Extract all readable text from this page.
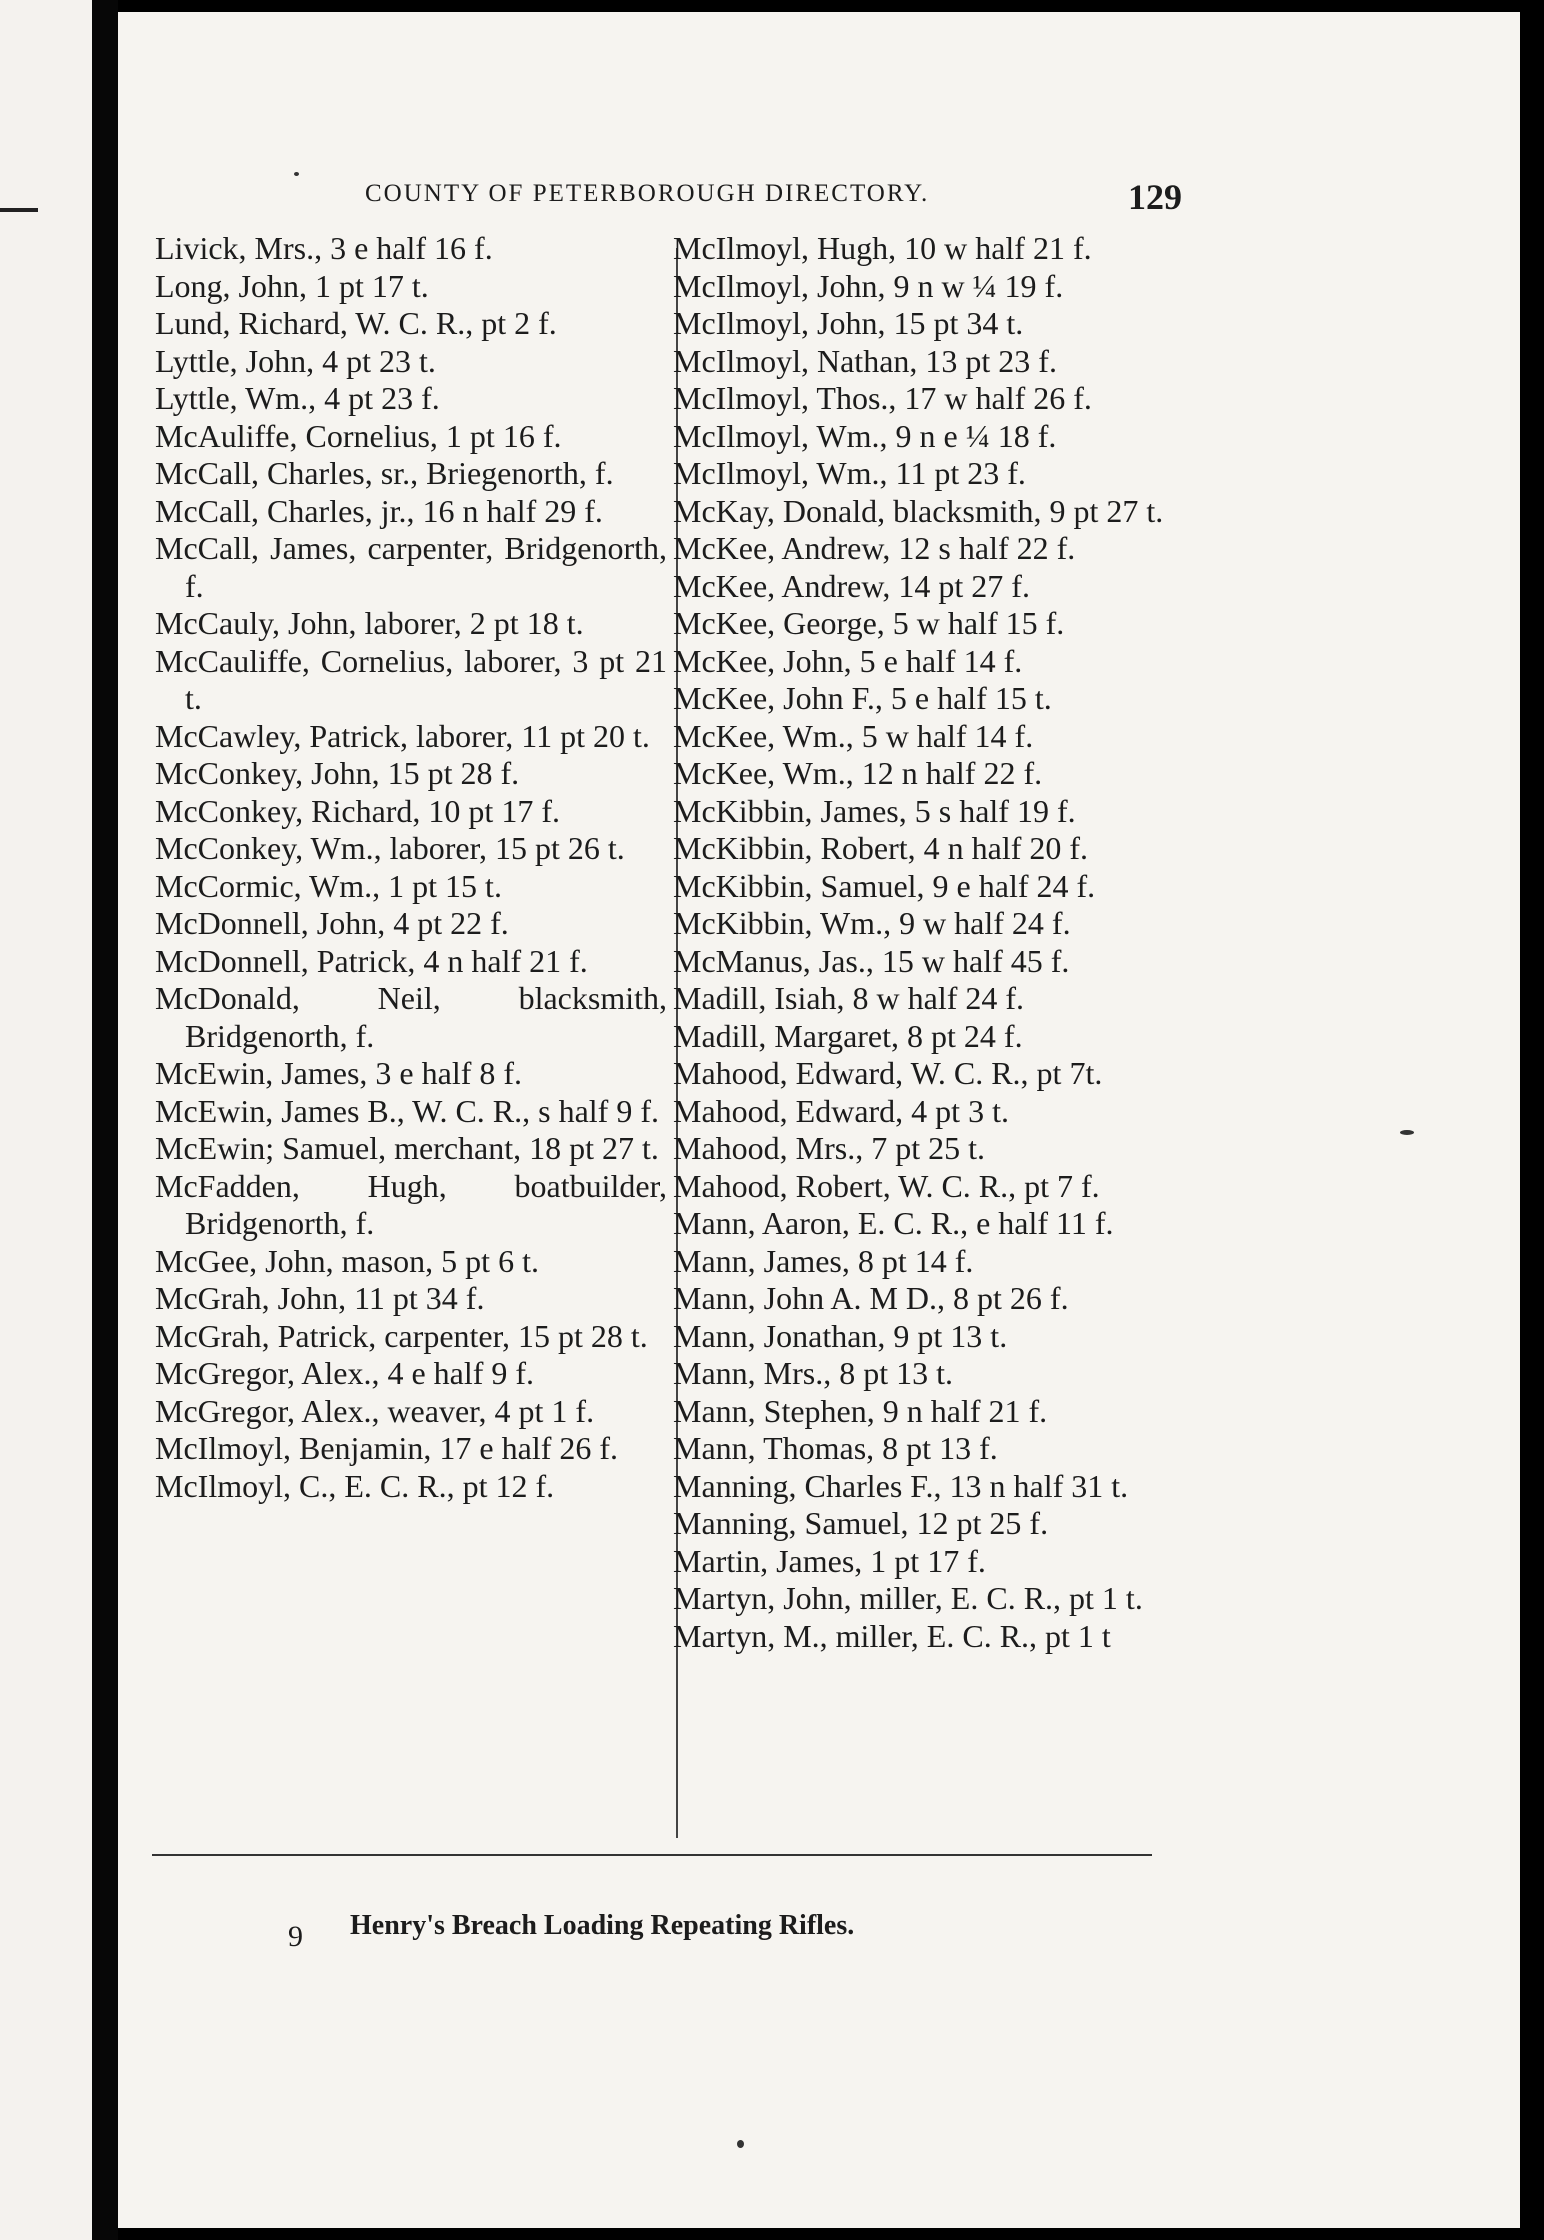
COUNTY OF PETERBOROUGH DIRECTORY.	129
Livick, Mrs., 3 e half 16 f.
Long, John, 1 pt 17 t.
Lund, Richard, W. C. R., pt 2 f.
Lyttle, John, 4 pt 23 t.
Lyttle, Wm., 4 pt 23 f.
McAuliffe, Cornelius, 1 pt 16 f.
McCall, Charles, sr., Briegenorth, f.
McCall, Charles, jr., 16 n half 29 f.
McCall, James, carpenter, Bridgenorth, f.
McCauly, John, laborer, 2 pt 18 t.
McCauliffe, Cornelius, laborer, 3 pt 21 t.
McCawley, Patrick, laborer, 11 pt 20 t.
McConkey, John, 15 pt 28 f.
McConkey, Richard, 10 pt 17 f.
McConkey, Wm., laborer, 15 pt 26 t.
McCormic, Wm., 1 pt 15 t.
McDonnell, John, 4 pt 22 f.
McDonnell, Patrick, 4 n half 21 f.
McDonald, Neil, blacksmith, Bridgenorth, f.
McEwin, James, 3 e half 8 f.
McEwin, James B., W. C. R., s half 9 f.
McEwin; Samuel, merchant, 18 pt 27 t.
McFadden, Hugh, boatbuilder, Bridgenorth, f.
McGee, John, mason, 5 pt 6 t.
McGrah, John, 11 pt 34 f.
McGrah, Patrick, carpenter, 15 pt 28 t.
McGregor, Alex., 4 e half 9 f.
McGregor, Alex., weaver, 4 pt 1 f.
McIlmoyl, Benjamin, 17 e half 26 f.
McIlmoyl, C., E. C. R., pt 12 f.
McIlmoyl, Hugh, 10 w half 21 f.
McIlmoyl, John, 9 n w ¼ 19 f.
McIlmoyl, John, 15 pt 34 t.
McIlmoyl, Nathan, 13 pt 23 f.
McIlmoyl, Thos., 17 w half 26 f.
McIlmoyl, Wm., 9 n e ¼ 18 f.
McIlmoyl, Wm., 11 pt 23 f.
McKay, Donald, blacksmith, 9 pt 27 t.
McKee, Andrew, 12 s half 22 f.
McKee, Andrew, 14 pt 27 f.
McKee, George, 5 w half 15 f.
McKee, John, 5 e half 14 f.
McKee, John F., 5 e half 15 t.
McKee, Wm., 5 w half 14 f.
McKee, Wm., 12 n half 22 f.
McKibbin, James, 5 s half 19 f.
McKibbin, Robert, 4 n half 20 f.
McKibbin, Samuel, 9 e half 24 f.
McKibbin, Wm., 9 w half 24 f.
McManus, Jas., 15 w half 45 f.
Madill, Isiah, 8 w half 24 f.
Madill, Margaret, 8 pt 24 f.
Mahood, Edward, W. C. R., pt 7t.
Mahood, Edward, 4 pt 3 t.
Mahood, Mrs., 7 pt 25 t.
Mahood, Robert, W. C. R., pt 7 f.
Mann, Aaron, E. C. R., e half 11 f.
Mann, James, 8 pt 14 f.
Mann, John A. M D., 8 pt 26 f.
Mann, Jonathan, 9 pt 13 t.
Mann, Mrs., 8 pt 13 t.
Mann, Stephen, 9 n half 21 f.
Mann, Thomas, 8 pt 13 f.
Manning, Charles F., 13 n half 31 t.
Manning, Samuel, 12 pt 25 f.
Martin, James, 1 pt 17 f.
Martyn, John, miller, E. C. R., pt 1 t.
Martyn, M., miller, E. C. R., pt 1 t
9 Henry's Breach Loading Repeating Rifles.
